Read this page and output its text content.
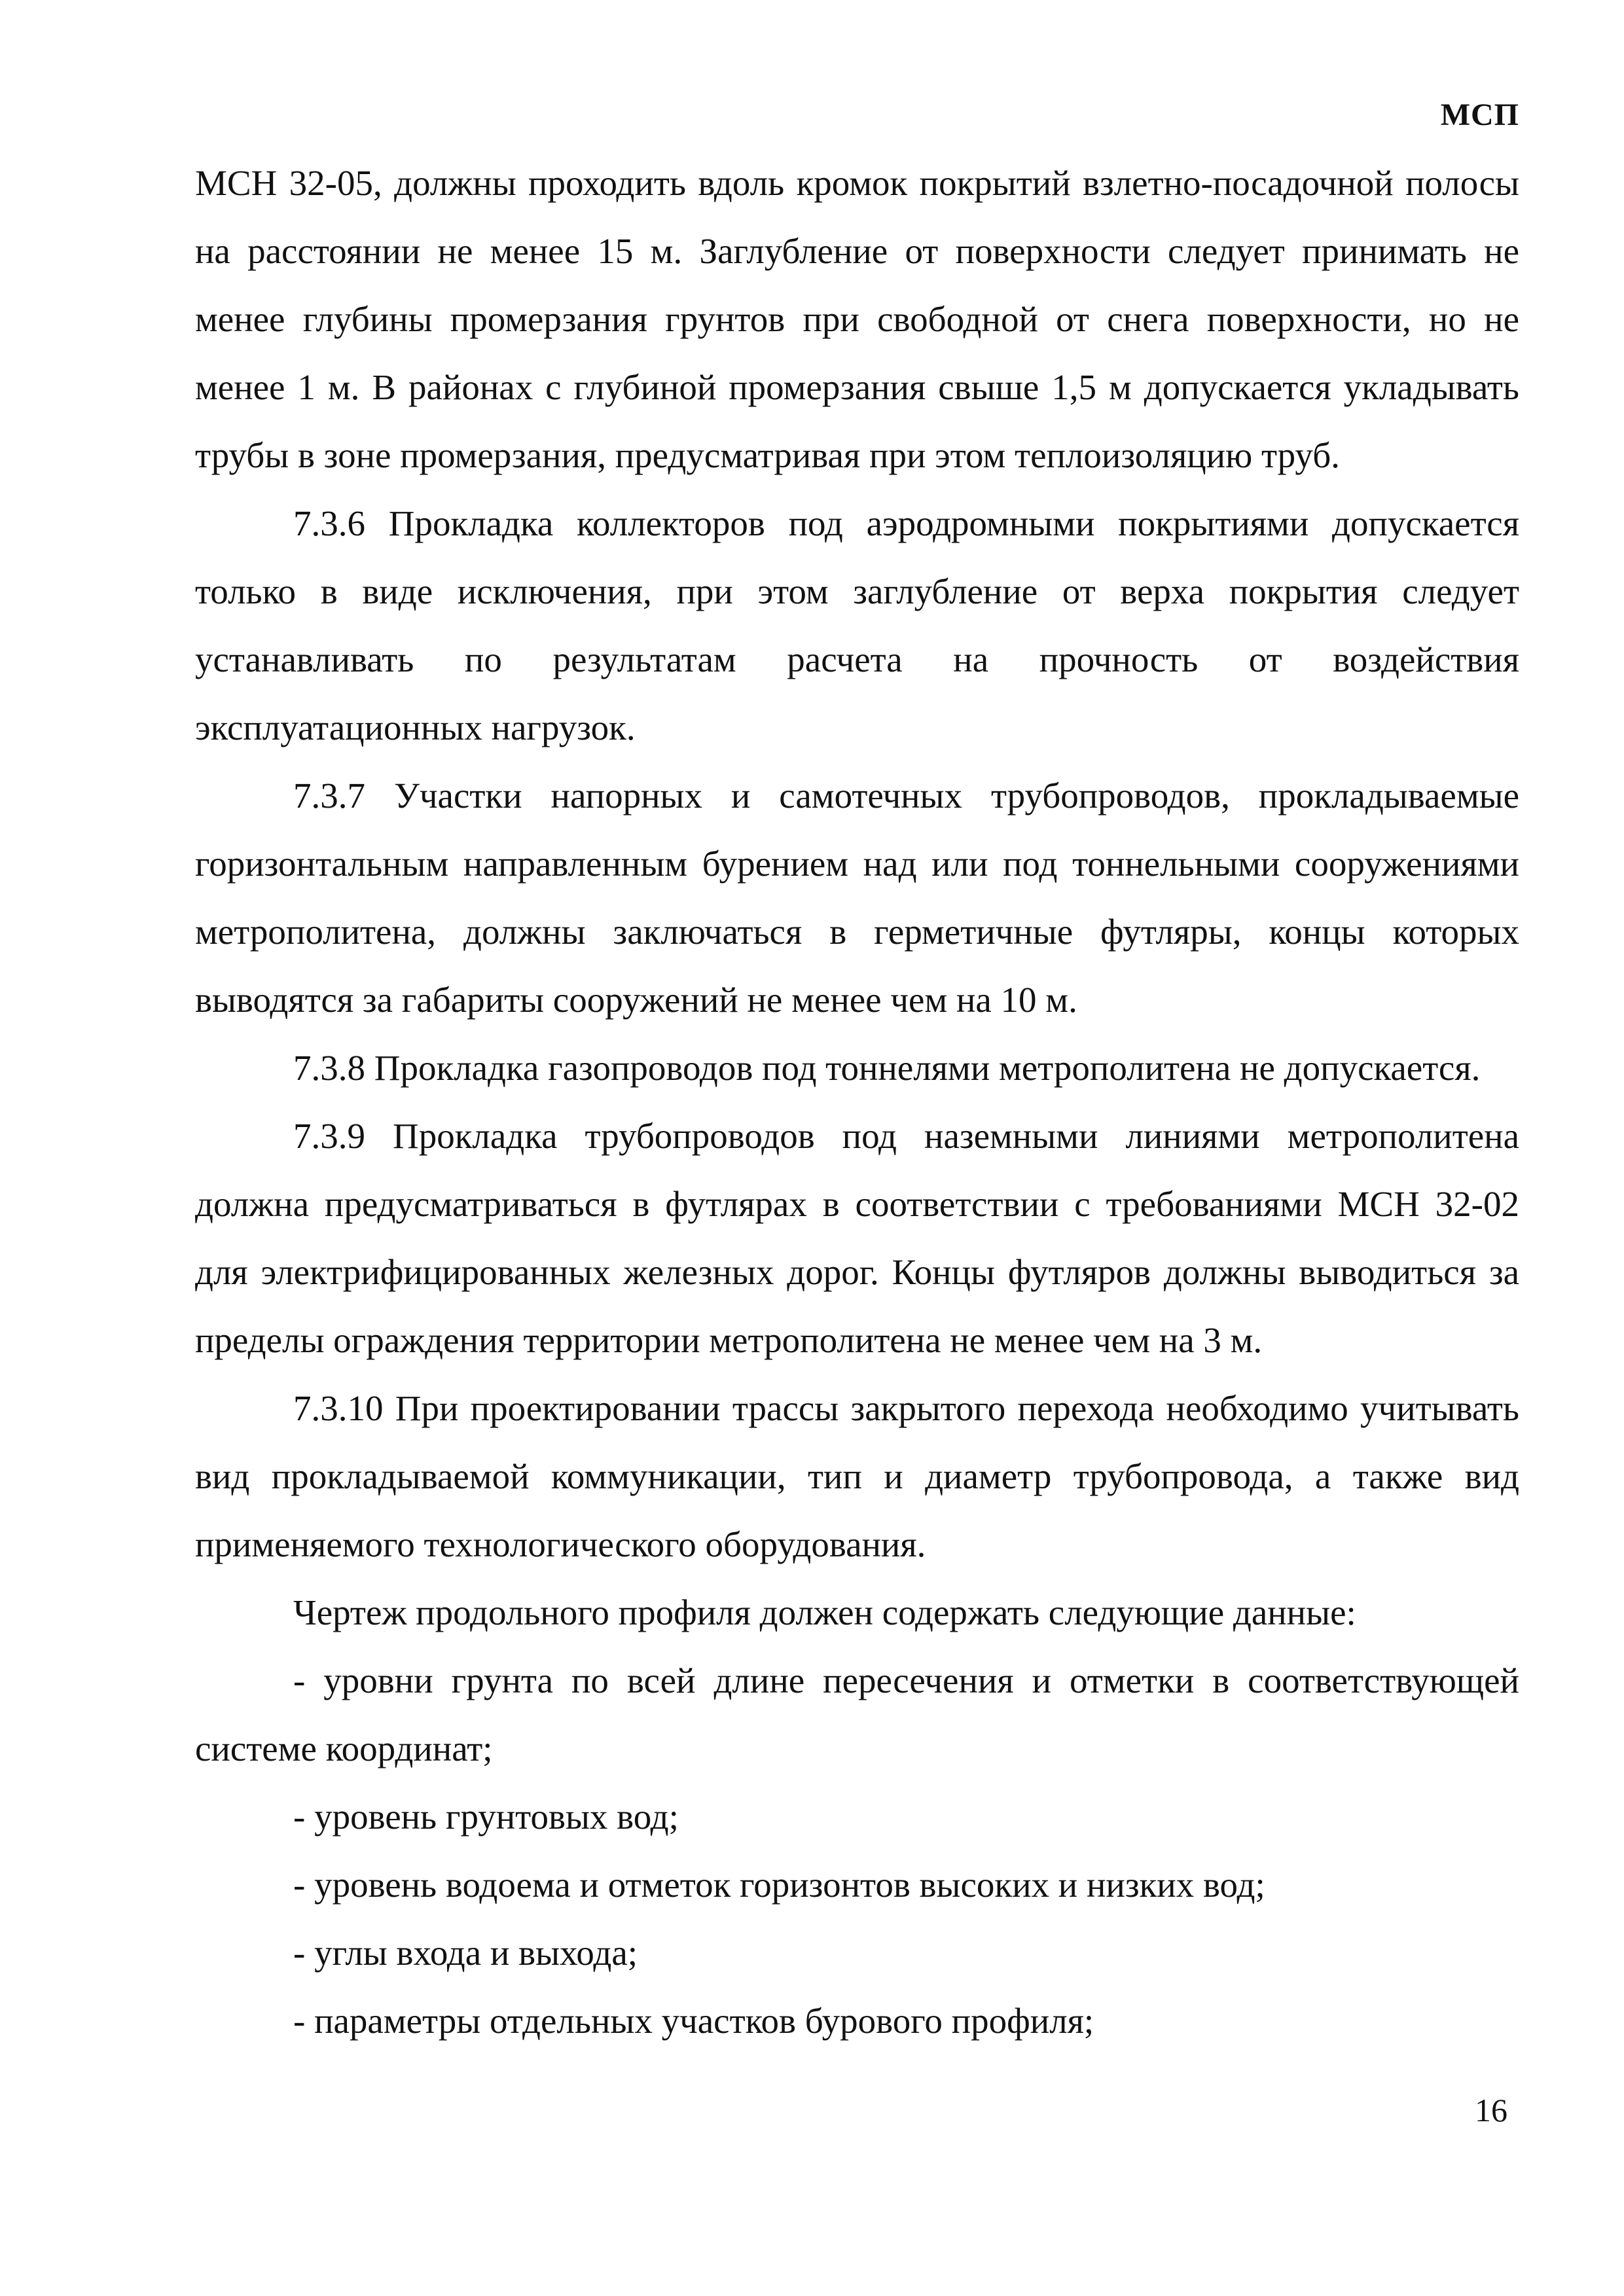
МСП

МСН 32-05, должны проходить вдоль кромок покрытий взлетно-посадочной полосы на расстоянии не менее 15 м. Заглубление от поверхности следует принимать не менее глубины промерзания грунтов при свободной от снега поверхности, но не менее 1 м. В районах с глубиной промерзания свыше 1,5 м допускается укладывать трубы в зоне промерзания, предусматривая при этом теплоизоляцию труб.

7.3.6 Прокладка коллекторов под аэродромными покрытиями допускается только в виде исключения, при этом заглубление от верха покрытия следует устанавливать по результатам расчета на прочность от воздействия эксплуатационных нагрузок.

7.3.7 Участки напорных и самотечных трубопроводов, прокладываемые горизонтальным направленным бурением над или под тоннельными сооружениями метрополитена, должны заключаться в герметичные футляры, концы которых выводятся за габариты сооружений не менее чем на 10 м.

7.3.8 Прокладка газопроводов под тоннелями метрополитена не допускается.

7.3.9 Прокладка трубопроводов под наземными линиями метрополитена должна предусматриваться в футлярах в соответствии с требованиями МСН 32-02 для электрифицированных железных дорог. Концы футляров должны выводиться за пределы ограждения территории метрополитена не менее чем на 3 м.

7.3.10 При проектировании трассы закрытого перехода необходимо учитывать вид прокладываемой коммуникации, тип и диаметр трубопровода, а также вид применяемого технологического оборудования.

Чертеж продольного профиля должен содержать следующие данные:

- уровни грунта по всей длине пересечения и отметки в соответствующей системе координат;

- уровень грунтовых вод;

- уровень водоема и отметок горизонтов высоких и низких вод;

- углы входа и выхода;

- параметры отдельных участков бурового профиля;

16
